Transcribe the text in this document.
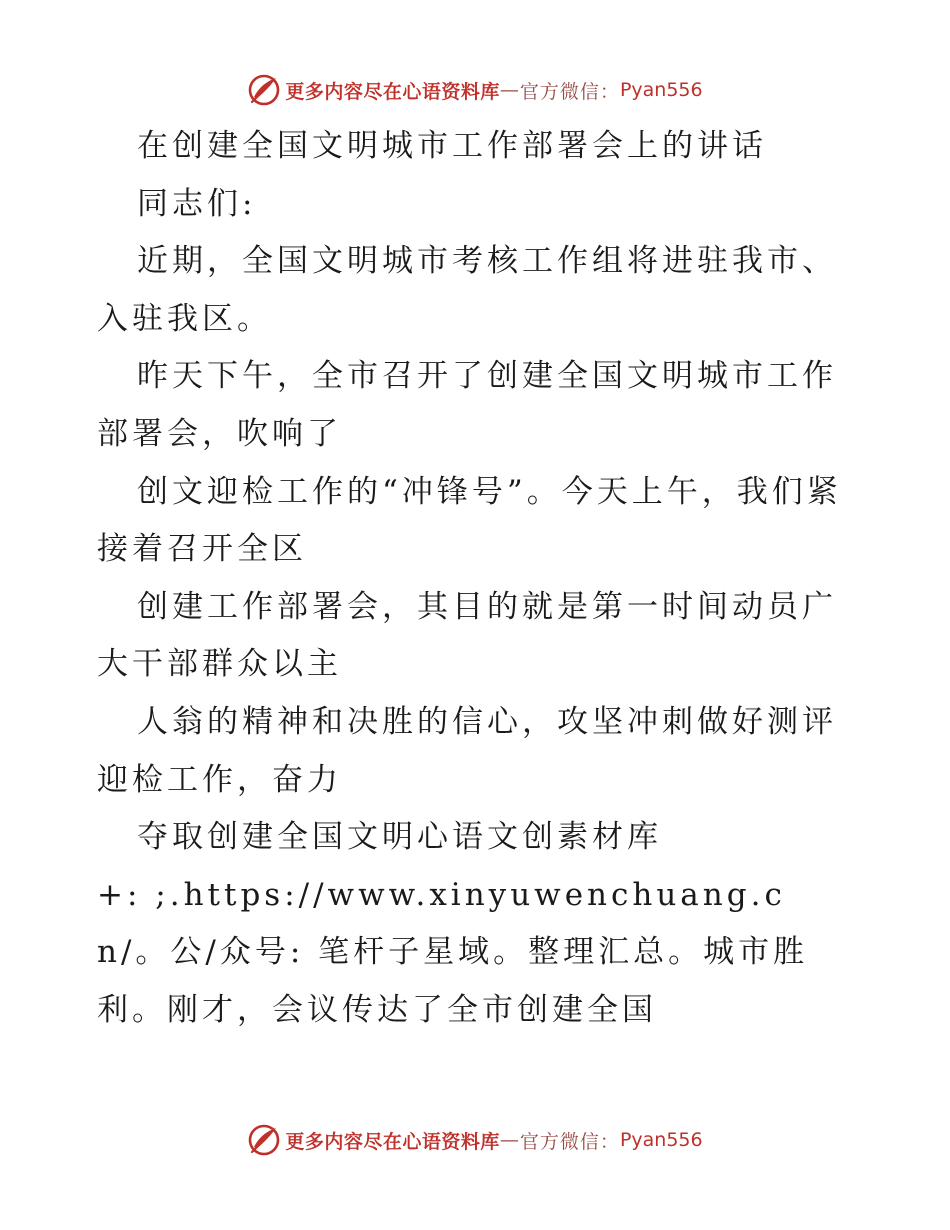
更多内容尽在心语资料库 — 官方微信： Pyan556

在创建全国文明城市工作部署会上的讲话

同志们:

近期，全国文明城市考核工作组将进驻我市、入驻我区。

昨天下午，全市召开了创建全国文明城市工作部署会，吹响了

创文迎检工作的“冲锋号”。今天上午，我们紧接着召开全区

创建工作部署会，其目的就是第一时间动员广大干部群众以主

人翁的精神和决胜的信心，攻坚冲刺做好测评迎检工作，奋力

夺取创建全国文明心语文创素材库

+: ;.https://www.xinyuwenchuang.cn/。公/众号: 笔杆子星域。整理汇总。城市胜利。刚才，会议传达了全市创建全国

更多内容尽在心语资料库 — 官方微信： Pyan556
